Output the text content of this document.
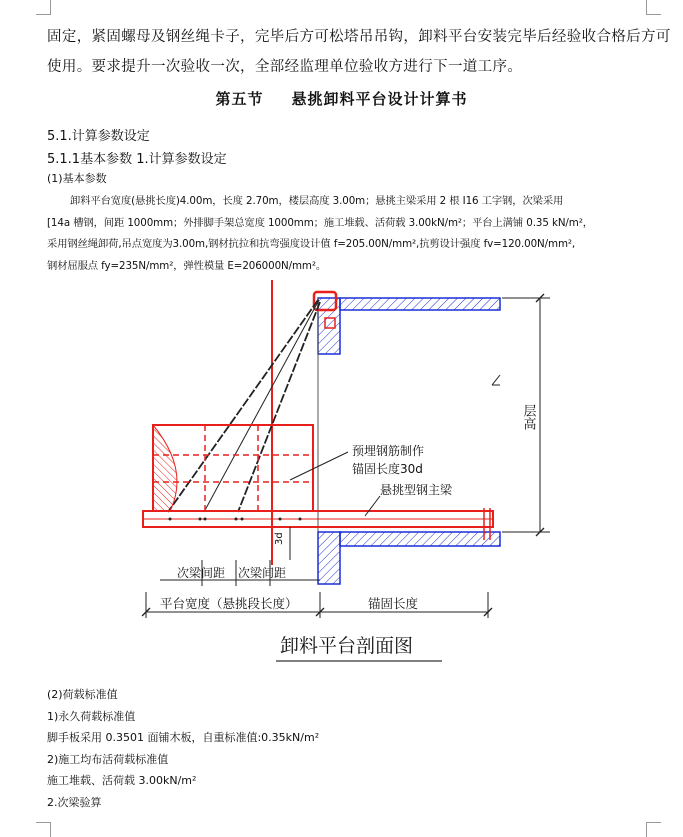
固定，紧固螺母及钢丝绳卡子，完毕后方可松塔吊吊钩，卸料平台安装完毕后经验收合格后方可
使用。要求提升一次验收一次，全部经监理单位验收方进行下一道工序。
第五节 悬挑卸料平台设计计算书
5.1.计算参数设定
5.1.1基本参数 1.计算参数设定
(1)基本参数
卸料平台宽度(悬挑长度)4.00m，长度 2.70m，楼层高度 3.00m；悬挑主梁采用 2 根 I16 工字钢，次梁采用
[14a 槽钢，间距 1000mm；外排脚手架总宽度 1000mm；施工堆载、活荷载 3.00kN/m²；平台上满铺 0.35 kN/m²，
采用钢丝绳卸荷,吊点宽度为3.00m,钢材抗拉和抗弯强度设计值 f=205.00N/mm²,抗剪设计强度 fv=120.00N/mm²,
钢材屈服点 fy=235N/mm²，弹性模量 E=206000N/mm²。
预埋钢筋制作
锚固长度30d
悬挑型钢主梁
层高
3d
次梁间距 次梁间距
平台宽度（悬挑段长度）	锚固长度
卸料平台剖面图
(2)荷载标准值
1)永久荷载标准值
脚手板采用 0.3501 面铺木板，自重标准值:0.35kN/m²
2)施工均布活荷载标准值
施工堆载、活荷载 3.00kN/m²
2.次梁验算
